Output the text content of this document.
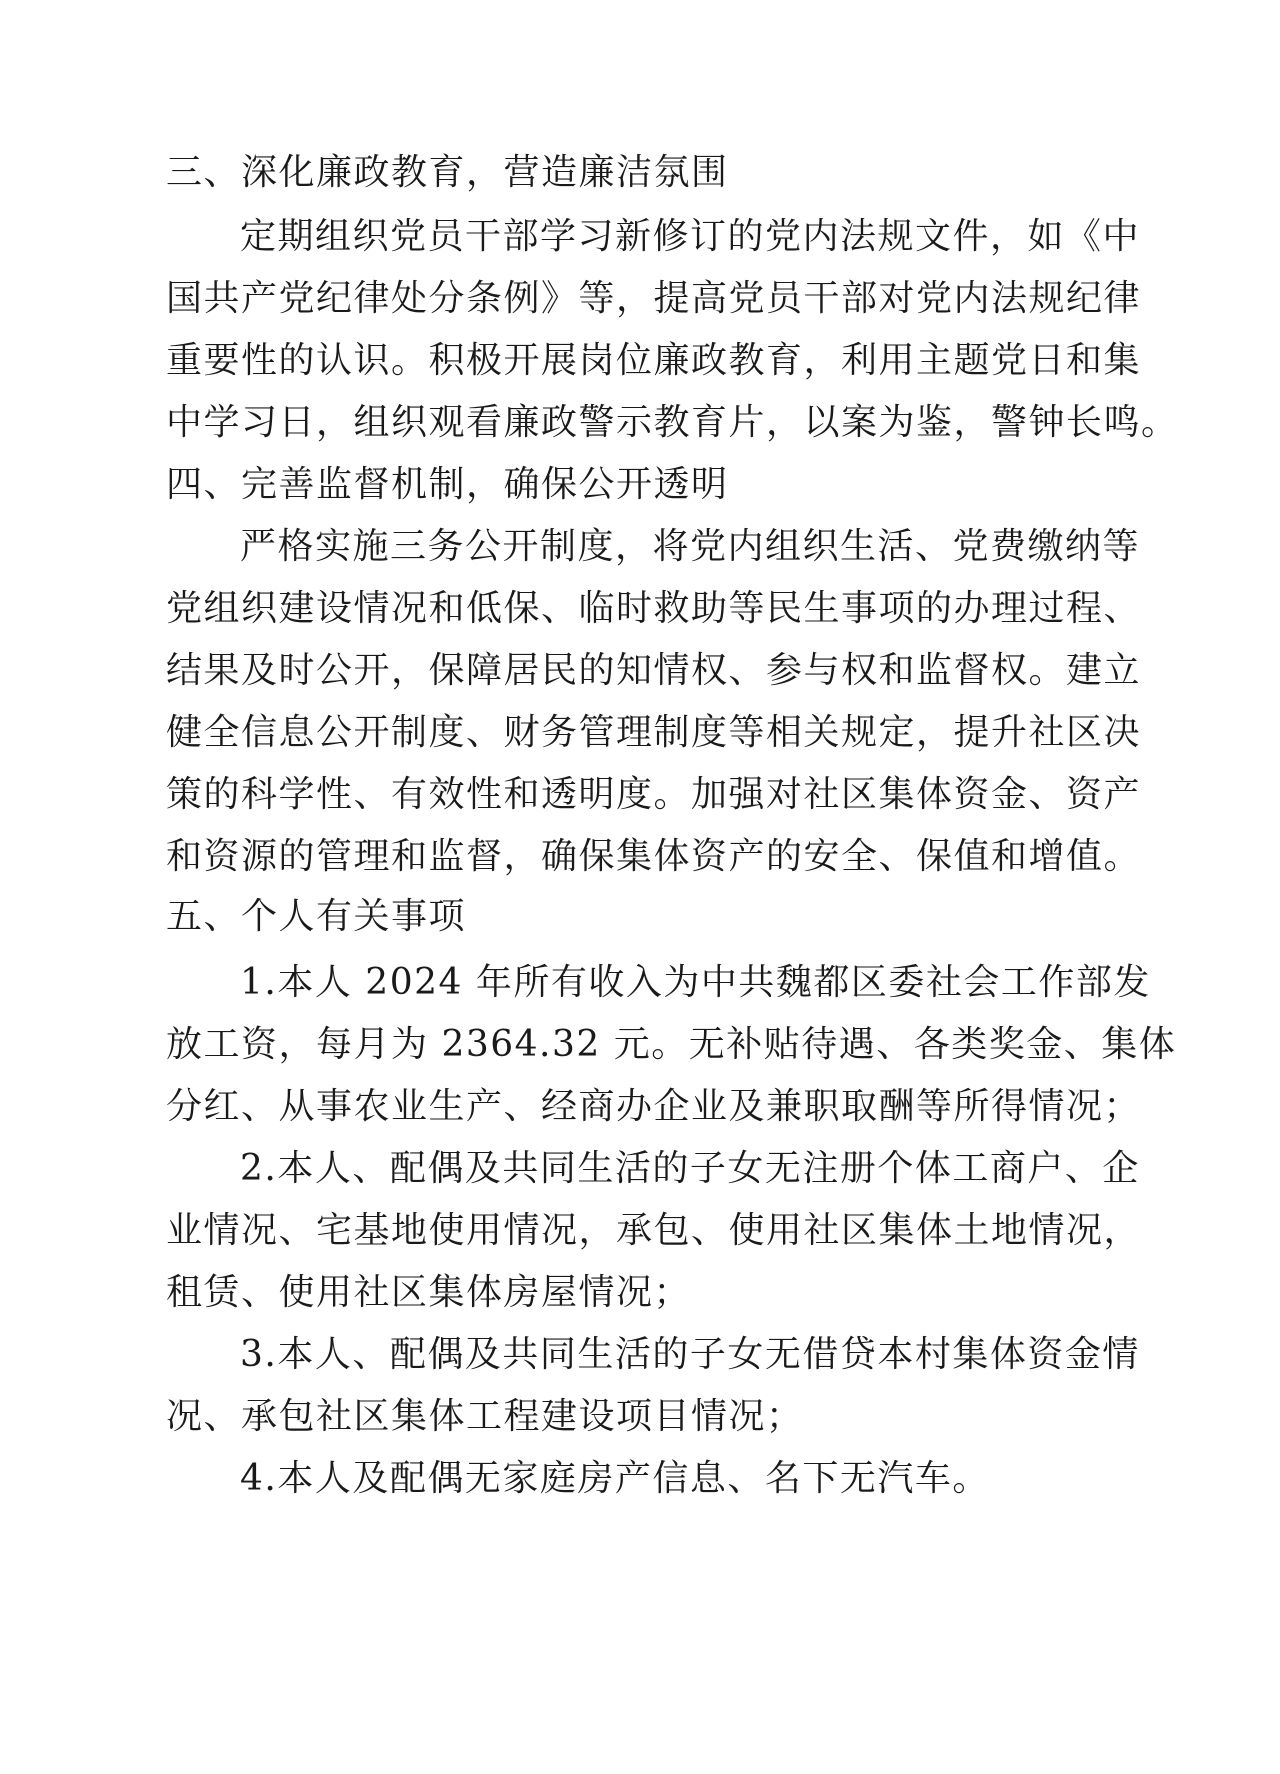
三、深化廉政教育，营造廉洁氛围
定期组织党员干部学习新修订的党内法规文件，如《中
国共产党纪律处分条例》等，提高党员干部对党内法规纪律
重要性的认识。积极开展岗位廉政教育，利用主题党日和集
中学习日，组织观看廉政警示教育片，以案为鉴，警钟长鸣。
四、完善监督机制，确保公开透明
严格实施三务公开制度，将党内组织生活、党费缴纳等
党组织建设情况和低保、临时救助等民生事项的办理过程、
结果及时公开，保障居民的知情权、参与权和监督权。建立
健全信息公开制度、财务管理制度等相关规定，提升社区决
策的科学性、有效性和透明度。加强对社区集体资金、资产
和资源的管理和监督，确保集体资产的安全、保值和增值。
五、个人有关事项
1.本人 2024 年所有收入为中共魏都区委社会工作部发
放工资，每月为 2364.32 元。无补贴待遇、各类奖金、集体
分红、从事农业生产、经商办企业及兼职取酬等所得情况；
2.本人、配偶及共同生活的子女无注册个体工商户、企
业情况、宅基地使用情况，承包、使用社区集体土地情况，
租赁、使用社区集体房屋情况；
3.本人、配偶及共同生活的子女无借贷本村集体资金情
况、承包社区集体工程建设项目情况；
4.本人及配偶无家庭房产信息、名下无汽车。
